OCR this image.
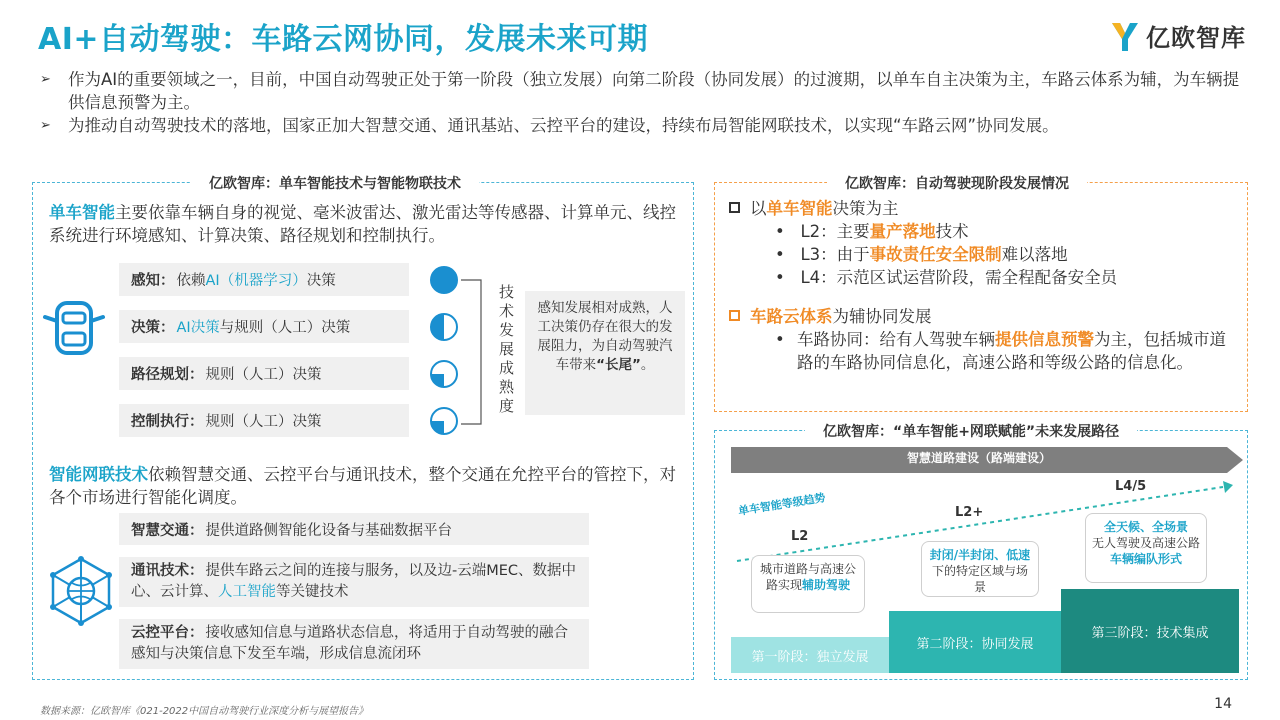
AI+自动驾驶：车路云网协同，发展未来可期	亿欧智库
➢ 作为AI的重要领域之一，目前，中国自动驾驶正处于第一阶段（独立发展）向第二阶段（协同发展）的过渡期，以单车自主决策为主，车路云体系为辅，为车辆提供信息预警为主。
➢ 为推动自动驾驶技术的落地，国家正加大智慧交通、通讯基站、云控平台的建设，持续布局智能网联技术，以实现“车路云网”协同发展。
亿欧智库：单车智能技术与智能物联技术

单车智能主要依靠车辆自身的视觉、毫米波雷达、激光雷达等传感器、计算单元、线控系统进行环境感知、计算决策、路径规划和控制执行。

感知： 依赖 AI（机器学习） 决策
决策： AI决策 与规则（人工）决策
路径规划： 规则（人工）决策
控制执行： 规则（人工）决策
技术发展成熟度
感知发展相对成熟，人工决策仍存在很大的发展阻力，为自动驾驶汽车带来“长尾”。
智能网联技术依赖智慧交通、云控平台与通讯技术，整个交通在允控平台的管控下，对各个市场进行智能化调度。
智慧交通： 提供道路侧智能化设备与基础数据平台
通讯技术： 提供车路云之间的连接与服务，以及边-云端MEC、数据中心、云计算、人工智能等关键技术
云控平台： 接收感知信息与道路状态信息，将适用于自动驾驶的融合感知与决策信息下发至车端，形成信息流闭环
亿欧智库：自动驾驶现阶段发展情况

以单车智能决策为主

•   L2：主要量产落地技术

•   L3：由于事故责任安全限制难以落地

•   L4：示范区试运营阶段，需全程配备安全员

车路云体系为辅协同发展

• 车路协同：给有人驾驶车辆提供信息预警为主，包括城市道路的车路协同信息化，高速公路和等级公路的信息化。
亿欧智库：“单车智能+网联赋能”未来发展路径
智慧道路建设（路端建设）
单车智能等级趋势
L2
L2+
L4/5
第一阶段：独立发展
第二阶段：协同发展
第三阶段：技术集成
城市道路与高速公路实现辅助驾驶
封闭/半封闭、低速下的特定区域与场景
全天候、全场景
无人驾驶及高速公路车辆编队形式
数据来源：亿欧智库《021-2022中国自动驾驶行业深度分析与展望报告》	14
